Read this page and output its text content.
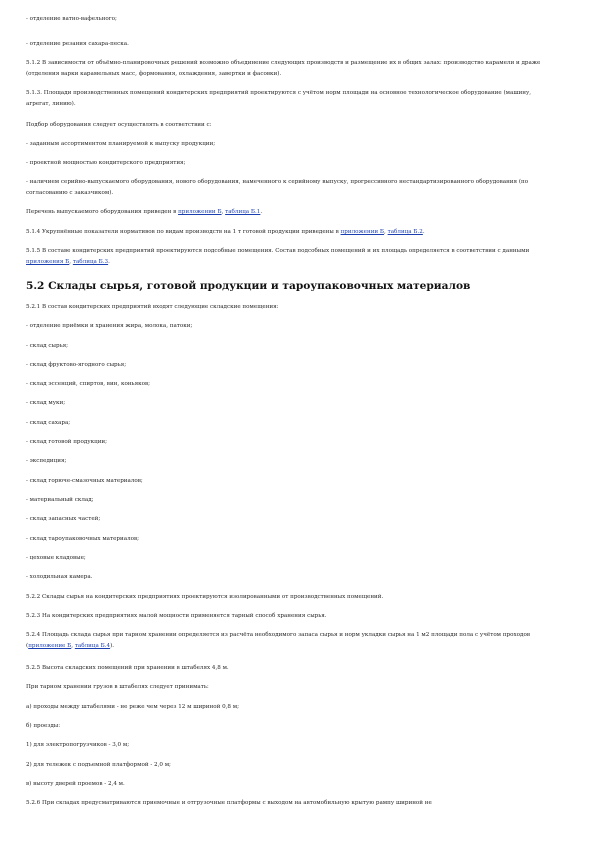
- отделение ватно-вафельного;
- отделение резания сахара-песка.
5.1.2 В зависимости от объёмно-планировочных решений возможно объединение следующих производств и размещение их в общих залах: производство карамели и драже (отделения варки карамельных масс, формования, охлаждения, завертки и фасовки).
5.1.3. Площади производственных помещений кондитерских предприятий проектируются с учётом норм площади на основное технологическое оборудование (машину, агрегат, линию).
Подбор оборудования следует осуществлять в соответствии с:
- заданным ассортиментом планируемой к выпуску продукции;
- проектной мощностью кондитерского предприятия;
- наличием серийно-выпускаемого оборудования, нового оборудования, намеченного к серийному выпуску, прогрессивного нестандартизированного оборудования (по согласованию с заказчиком).
Перечень выпускаемого оборудования приведен в приложении Б, таблица Б.1.
5.1.4 Укрупнённые показатели нормативов по видам производств на 1 т готовой продукции приведены в приложении Б, таблица Б.2.
5.1.5 В составе кондитерских предприятий проектируются подсобные помещения. Состав подсобных помещений и их площадь определяется в соответствии с данными приложения Б, таблица Б.3.
5.2 Склады сырья, готовой продукции и тароупаковочных материалов
5.2.1 В состав кондитерских предприятий входят следующие складские помещения:
- отделение приёмки и хранения жира, молока, патоки;
- склад сырья;
- склад фруктово-ягодного сырья;
- склад эссенций, спиртов, вин, коньяков;
- склад муки;
- склад сахара;
- склад готовой продукции;
- экспедиция;
- склад горюче-смазочных материалов;
- материальный склад;
- склад запасных частей;
- склад тароупаковочных материалов;
- цеховые кладовые;
- холодильная камера.
5.2.2 Склады сырья на кондитерских предприятиях проектируются изолированными от производственных помещений.
5.2.3 На кондитерских предприятиях малой мощности применяется тарный способ хранения сырья.
5.2.4 Площадь склада сырья при тарном хранении определяется из расчёта необходимого запаса сырья и норм укладки сырья на 1 м2 площади пола с учётом проходов (приложение Б, таблица Б.4).
5.2.5 Высота складских помещений при хранении в штабелях 4,8 м.
При тарном хранении грузов в штабелях следует принимать:
а) проходы между штабелями - не реже чем через 12 м шириной 0,8 м;
б) проезды:
1) для электропогрузчиков - 3,0 м;
2) для тележек с подъемной платформой - 2,0 м;
в) высоту дверей проемов - 2,4 м.
5.2.6 При складах предусматриваются приемочные и отгрузочные платформы с выходом на автомобильную крытую рампу шириной не
